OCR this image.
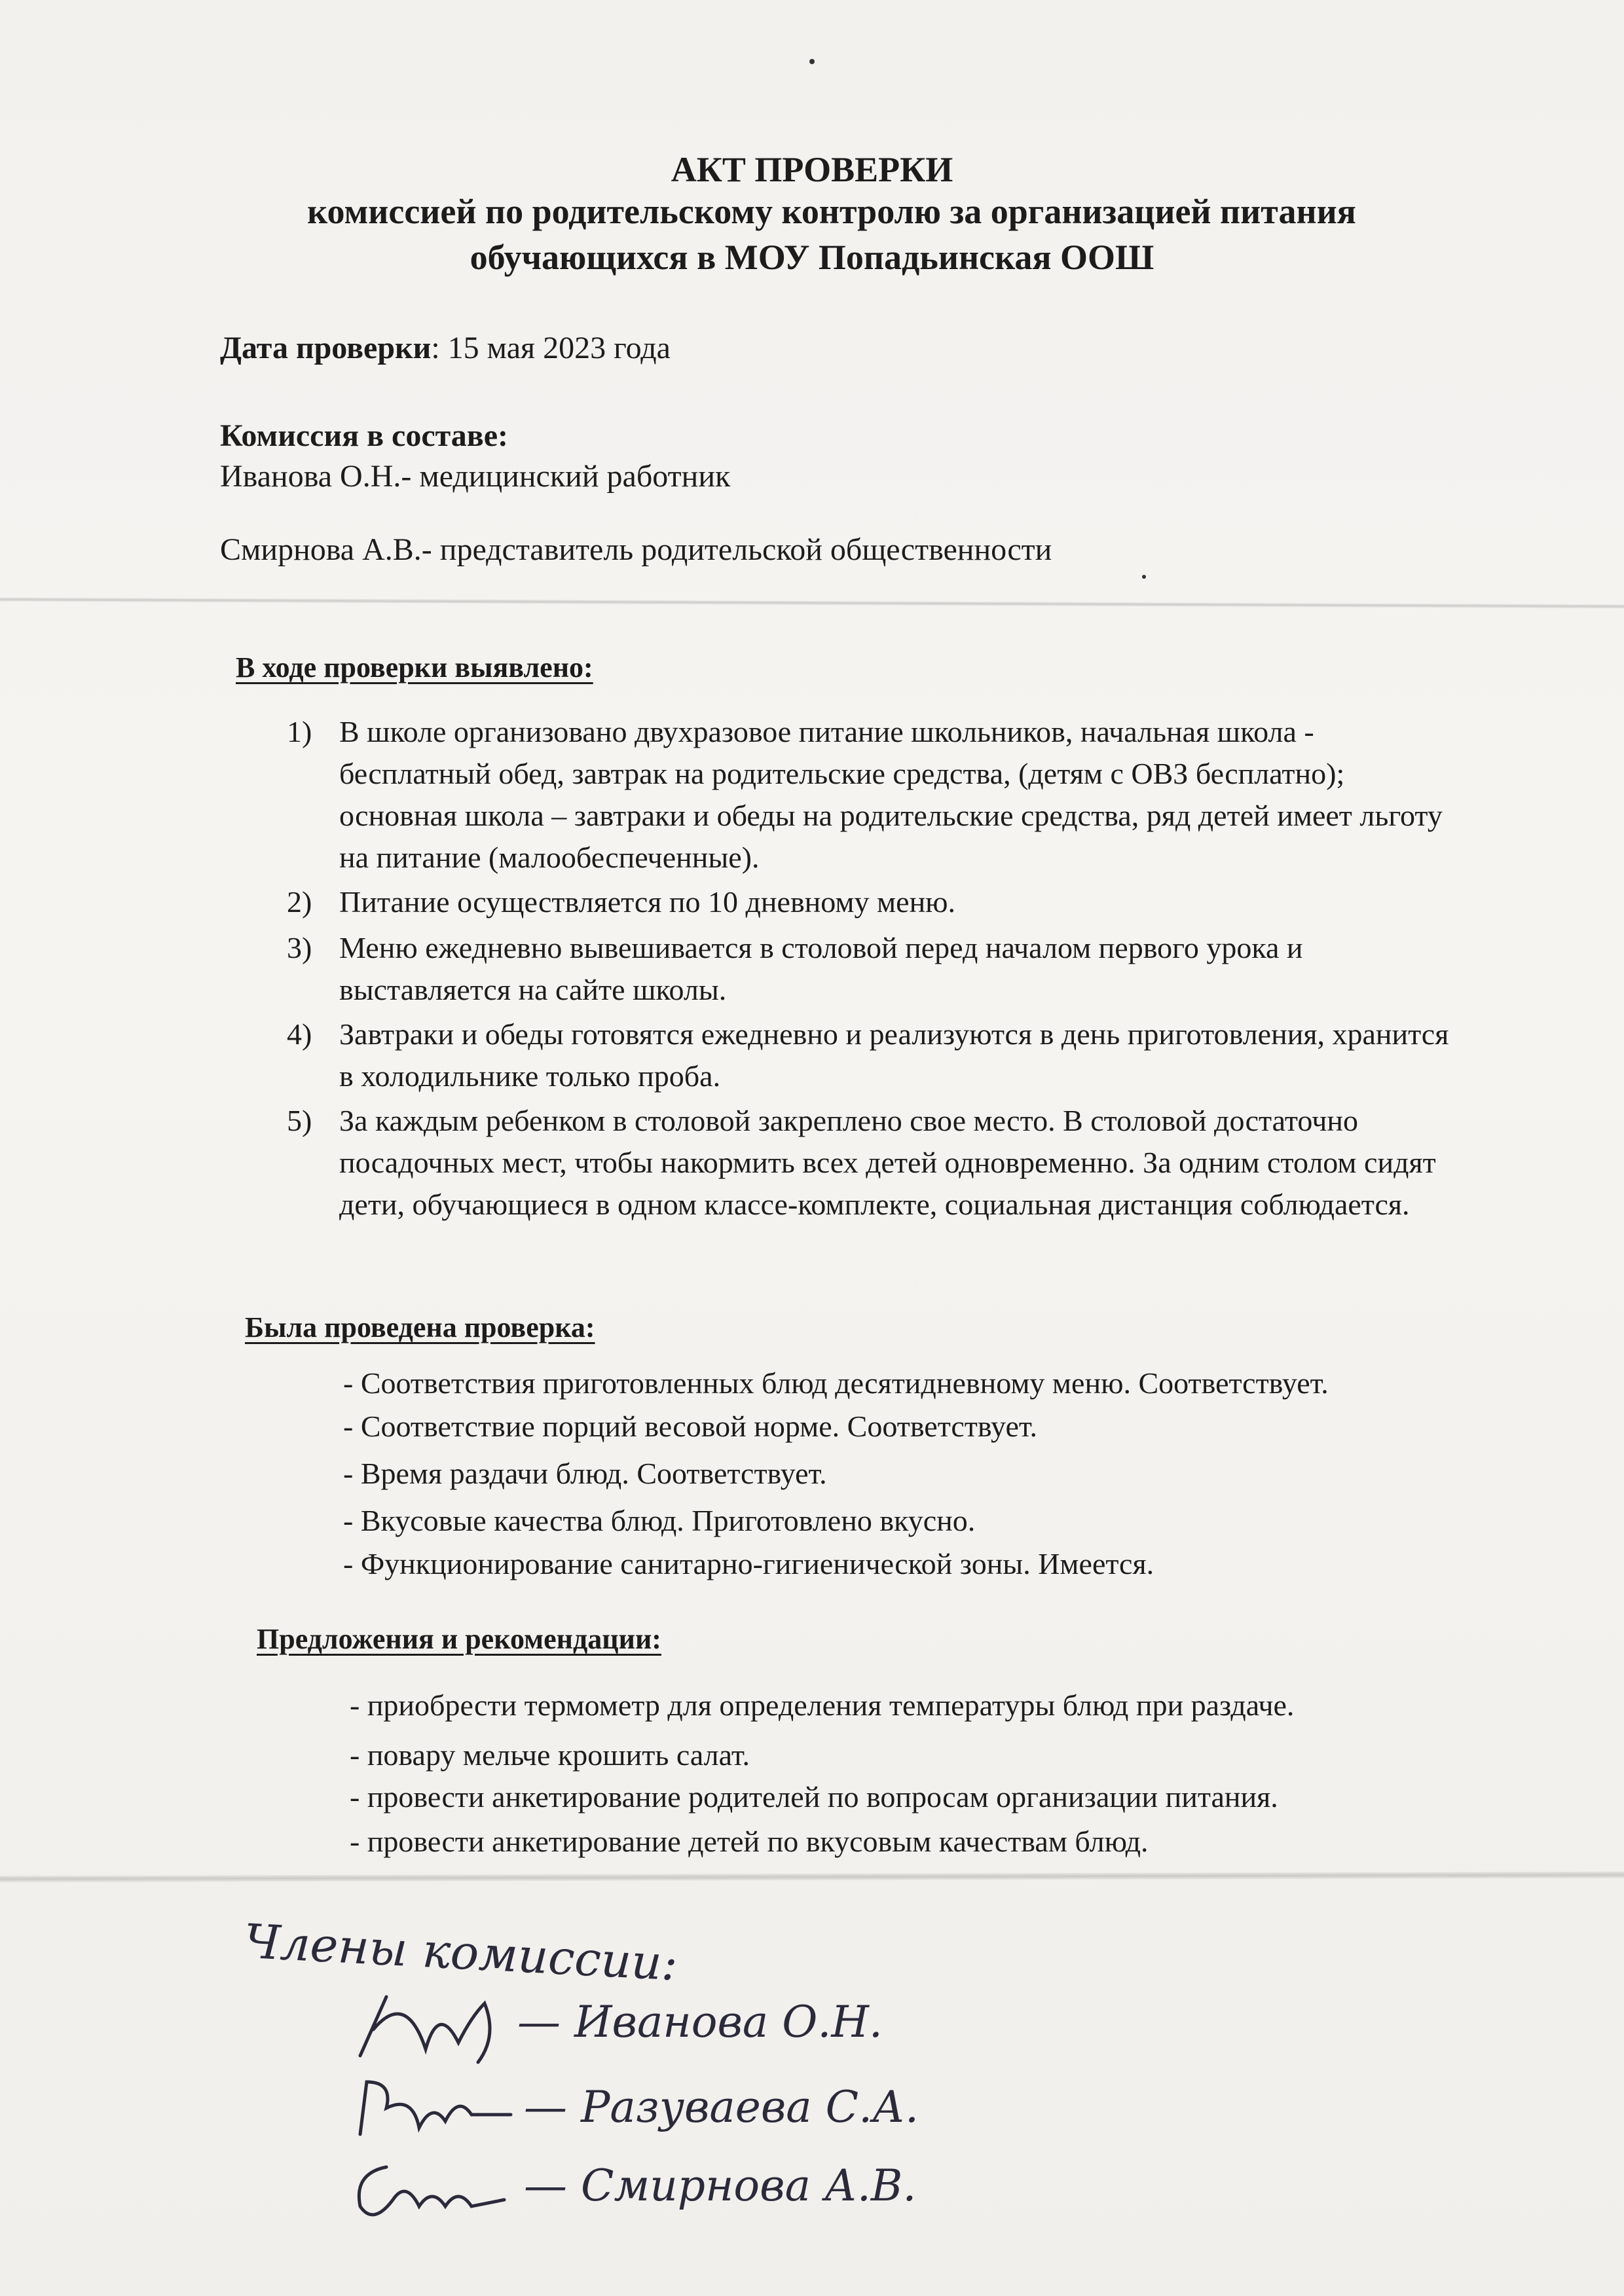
АКТ ПРОВЕРКИ
комиссией по родительскому контролю за организацией питания
обучающихся в МОУ Попадьинская ООШ
Дата проверки: 15 мая 2023 года
Комиссия в составе:
Иванова О.Н.- медицинский работник
Смирнова А.В.- представитель родительской общественности
В ходе проверки выявлено:
1) В школе организовано двухразовое питание школьников, начальная школа - бесплатный обед, завтрак на родительские средства, (детям с ОВЗ бесплатно); основная школа – завтраки и обеды на родительские средства, ряд детей имеет льготу на питание (малообеспеченные).
2) Питание осуществляется по 10 дневному меню.
3) Меню ежедневно вывешивается в столовой перед началом первого урока и выставляется на сайте школы.
4) Завтраки и обеды готовятся ежедневно и реализуются в день приготовления, хранится в холодильнике только проба.
5) За каждым ребенком в столовой закреплено свое место. В столовой достаточно посадочных мест, чтобы накормить всех детей одновременно. За одним столом сидят дети, обучающиеся в одном классе-комплекте, социальная дистанция соблюдается.
Была проведена проверка:
- Соответствия приготовленных блюд десятидневному меню. Соответствует.
- Соответствие порций весовой норме. Соответствует.
- Время раздачи блюд. Соответствует.
- Вкусовые качества блюд. Приготовлено вкусно.
- Функционирование санитарно-гигиенической зоны. Имеется.
Предложения и рекомендации:
- приобрести термометр для определения температуры блюд при раздаче.
- повару мельче крошить салат.
- провести анкетирование родителей по вопросам организации питания.
- провести анкетирование детей по вкусовым качествам блюд.
Члены комиссии:
— Иванова О.Н.
— Разуваева С.А.
— Смирнова А.В.
